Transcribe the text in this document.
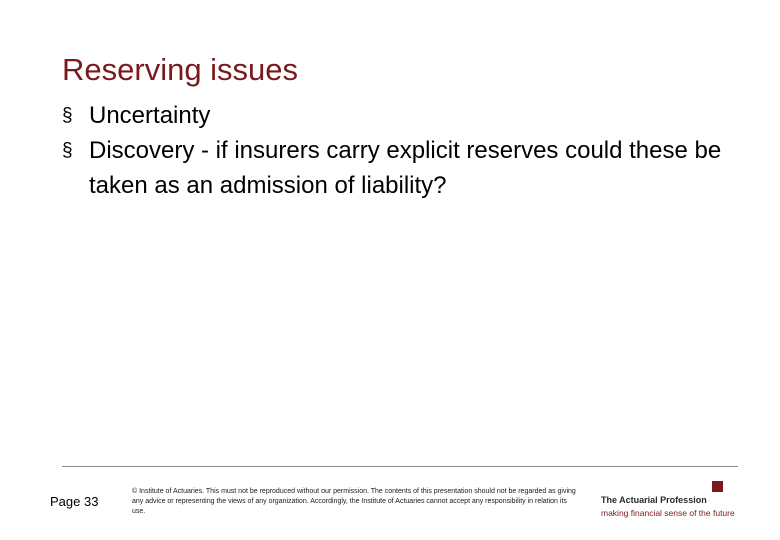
Reserving issues
§ Uncertainty
§ Discovery - if insurers carry explicit reserves could these be taken as an admission of liability?
Page 33
© Institute of Actuaries. This must not be reproduced without our permission. The contents of this presentation should not be regarded as giving any advice or representing the views of any organization. Accordingly, the Institute of Actuaries cannot accept any responsibility in relation its use.
The Actuarial Profession
making financial sense of the future
